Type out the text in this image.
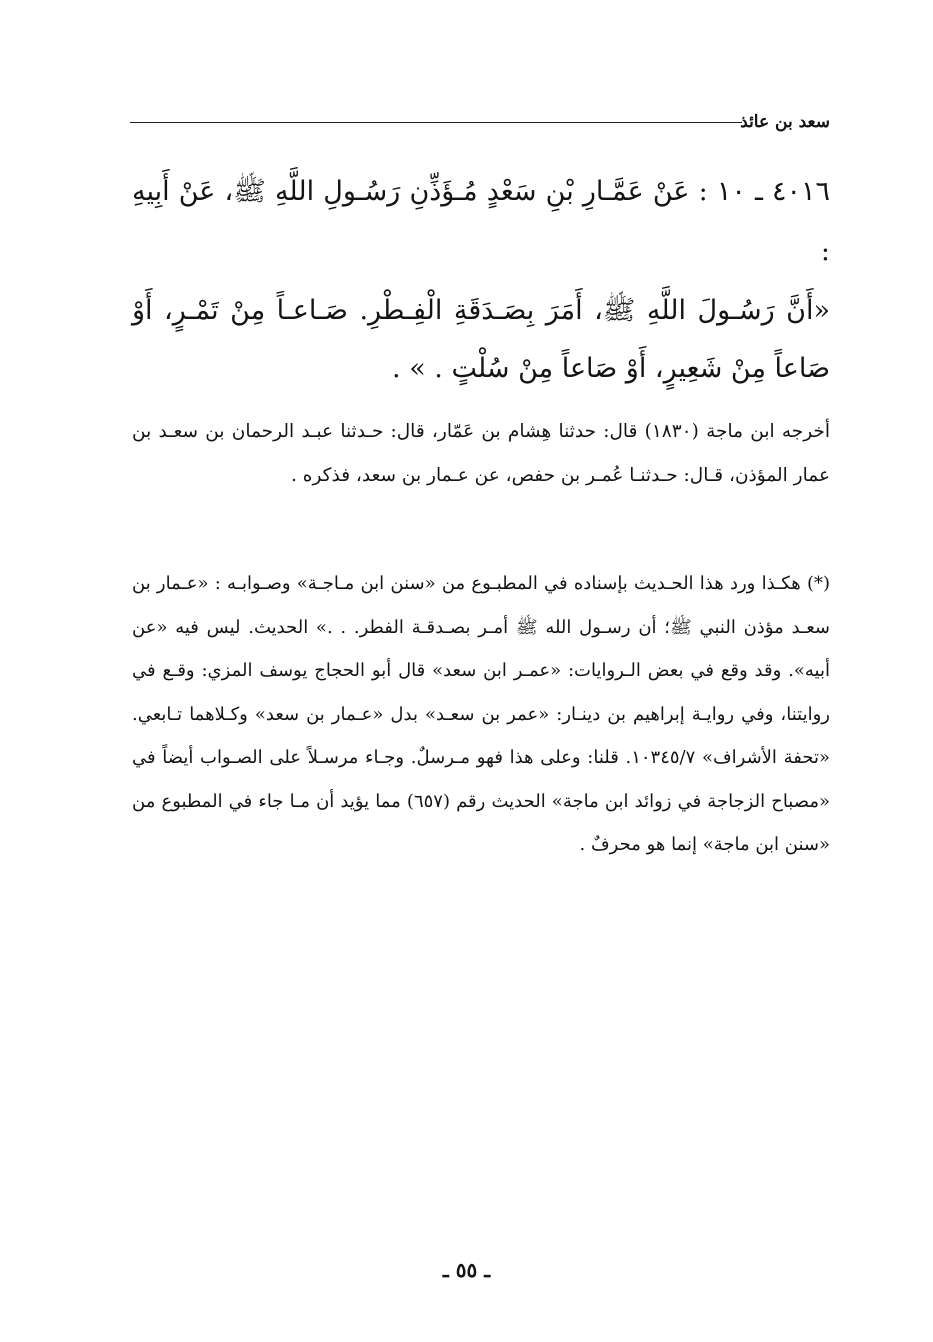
سعد بن عائذ
٤٠١٦ ـ ١٠ : عَنْ عَمَّـارِ بْنِ سَعْدٍ مُـؤَذِّنِ رَسُـولِ اللَّهِ ﷺ، عَنْ أَبِيهِ :
«أَنَّ رَسُـولَ اللَّهِ ﷺ، أَمَرَ بِصَـدَقَةِ الْفِـطْرِ. صَـاعـاً مِنْ تَمْـرٍ، أَوْ صَاعاً مِنْ شَعِيرٍ، أَوْ صَاعاً مِنْ سُلْتٍ . » .
أخرجه ابن ماجة (١٨٣٠) قال: حدثنا هِشام بن عَمّار، قال: حـدثنا عبـد الرحمان بن سعـد بن عمار المؤذن، قـال: حـدثنـا عُمـر بن حفص، عن عـمار بن سعد، فذكره .
(*) هكـذا ورد هذا الحـديث بإسناده في المطبـوع من «سنن ابن مـاجـة» وصـوابـه : «عـمار بن سعـد مؤذن النبي ﷺ؛ أن رسـول الله ﷺ أمـر بصـدقـة الفطر. . .» الحديث. ليس فيه «عن أبيه». وقد وقع في بعض الـروايات: «عمـر ابن سعد» قال أبو الحجاج يوسف المزي: وقـع في روايتنا، وفي روايـة إبراهيم بن دينـار: «عمر بن سعـد» بدل «عـمار بن سعد» وكـلاهما تـابعي. «تحفة الأشراف» ١٠٣٤٥/٧. قلنا: وعلى هذا فهو مـرسلٌ. وجـاء مرسـلاً على الصـواب أيضاً في «مصباح الزجاجة في زوائد ابن ماجة» الحديث رقم (٦٥٧) مما يؤيد أن مـا جاء في المطبوع من «سنن ابن ماجة» إنما هو محرفٌ .
ـ ٥٥ ـ
